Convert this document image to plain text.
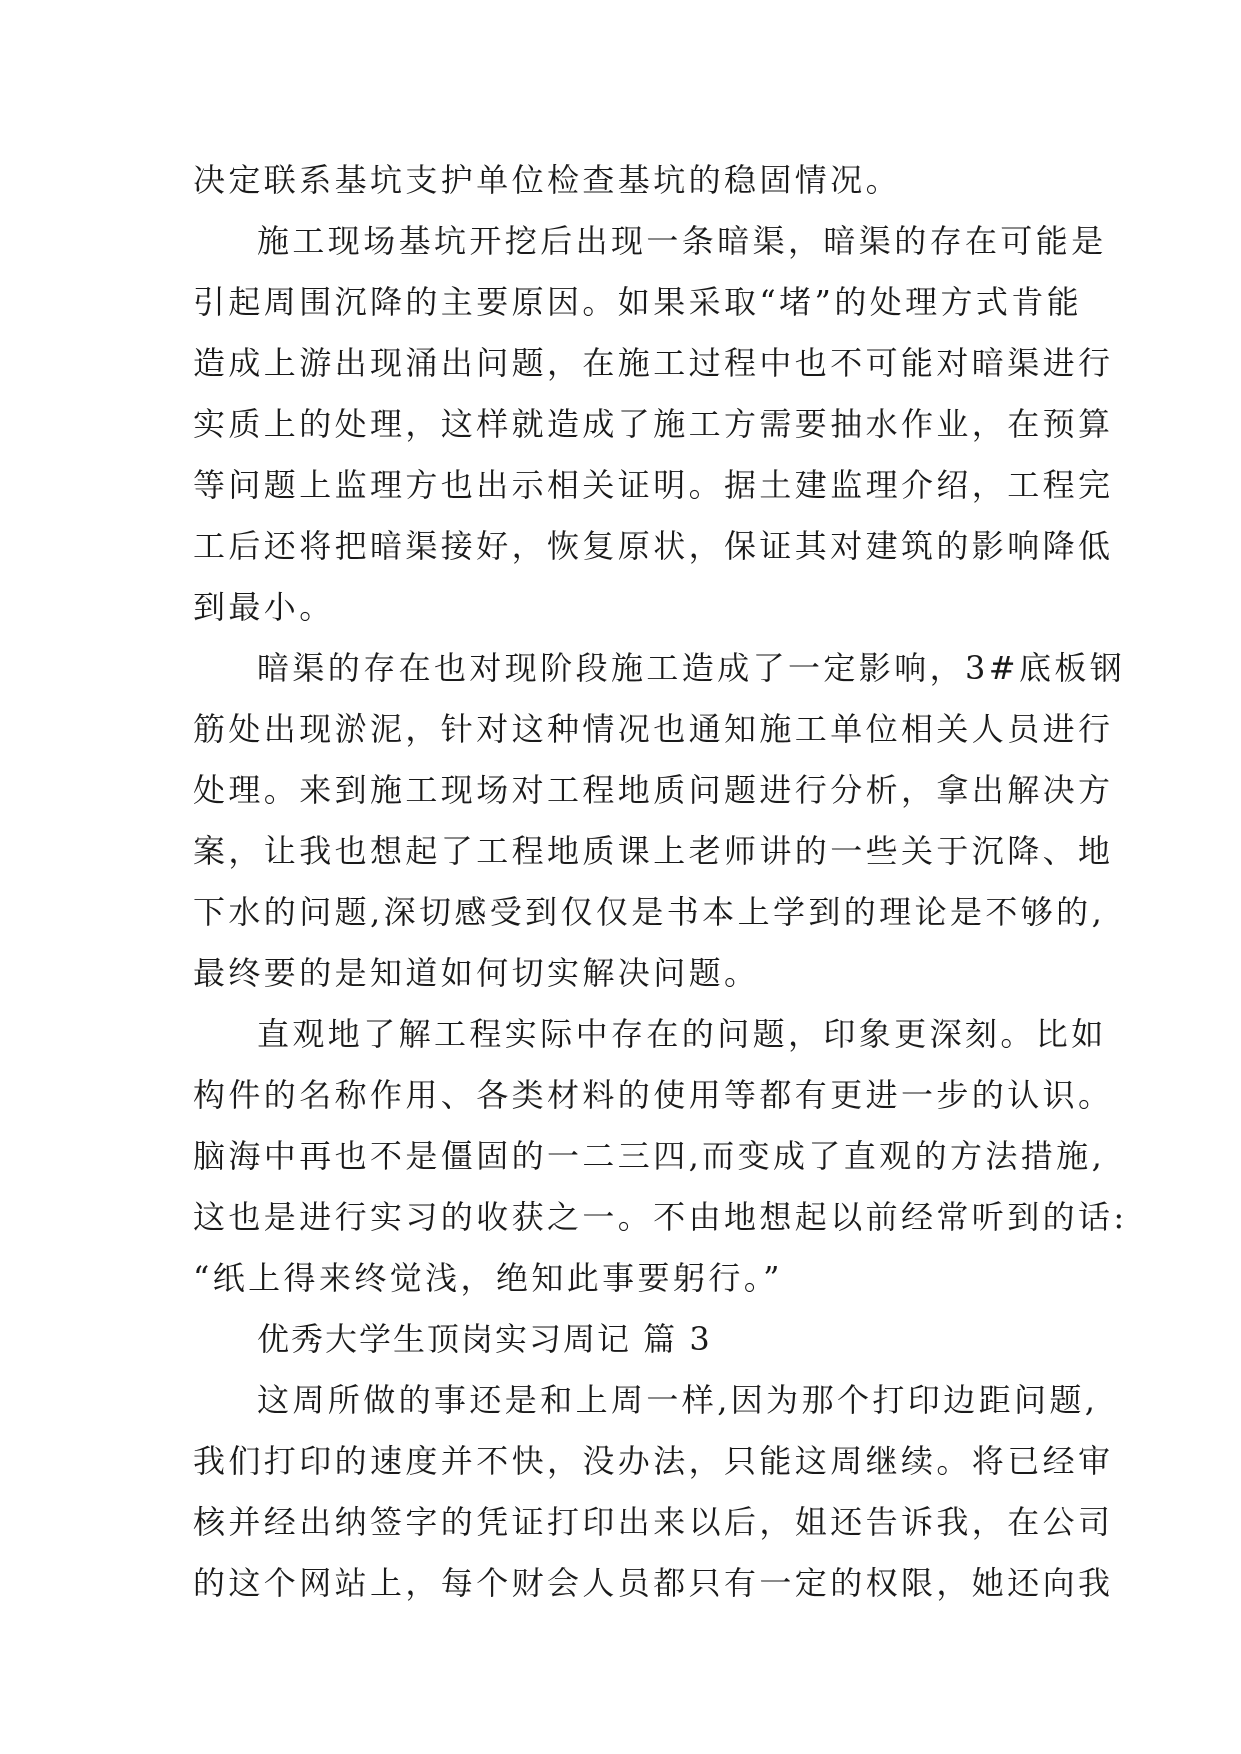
决定联系基坑支护单位检查基坑的稳固情况。
施工现场基坑开挖后出现一条暗渠，暗渠的存在可能是
引起周围沉降的主要原因。如果采取“堵”的处理方式肯能
造成上游出现涌出问题，在施工过程中也不可能对暗渠进行
实质上的处理，这样就造成了施工方需要抽水作业，在预算
等问题上监理方也出示相关证明。据土建监理介绍，工程完
工后还将把暗渠接好，恢复原状，保证其对建筑的影响降低
到最小。
暗渠的存在也对现阶段施工造成了一定影响，3#底板钢
筋处出现淤泥，针对这种情况也通知施工单位相关人员进行
处理。来到施工现场对工程地质问题进行分析，拿出解决方
案，让我也想起了工程地质课上老师讲的一些关于沉降、地
下水的问题,深切感受到仅仅是书本上学到的理论是不够的,
最终要的是知道如何切实解决问题。
直观地了解工程实际中存在的问题，印象更深刻。比如
构件的名称作用、各类材料的使用等都有更进一步的认识。
脑海中再也不是僵固的一二三四,而变成了直观的方法措施,
这也是进行实习的收获之一。不由地想起以前经常听到的话:
“纸上得来终觉浅，绝知此事要躬行。”
优秀大学生顶岗实习周记 篇 3
这周所做的事还是和上周一样,因为那个打印边距问题,
我们打印的速度并不快，没办法，只能这周继续。将已经审
核并经出纳签字的凭证打印出来以后，姐还告诉我，在公司
的这个网站上，每个财会人员都只有一定的权限，她还向我
